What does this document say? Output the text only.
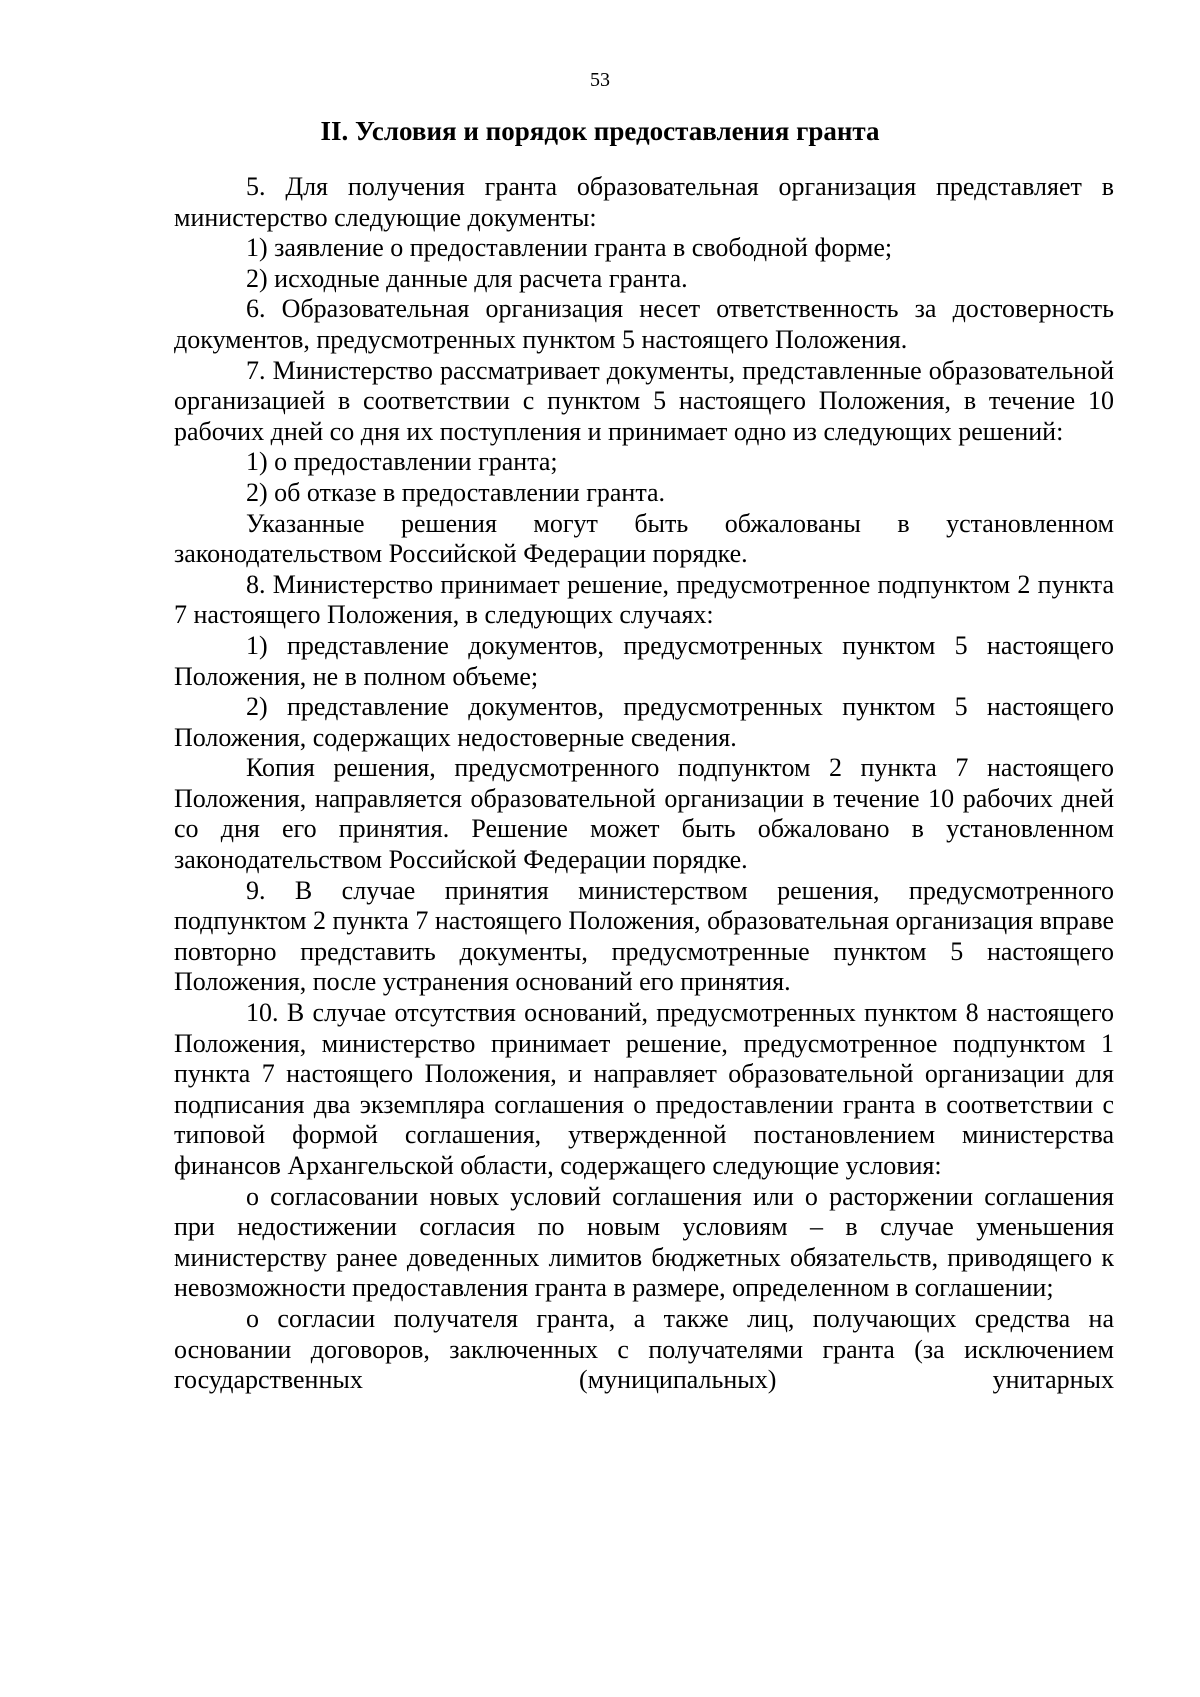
53
II. Условия и порядок предоставления гранта

5. Для получения гранта образовательная организация представляет в министерство следующие документы:

1) заявление о предоставлении гранта в свободной форме;

2) исходные данные для расчета гранта.

6. Образовательная организация несет ответственность за достоверность документов, предусмотренных пунктом 5 настоящего Положения.

7. Министерство рассматривает документы, представленные образовательной организацией в соответствии с пунктом 5 настоящего Положения, в течение 10 рабочих дней со дня их поступления и принимает одно из следующих решений:

1) о предоставлении гранта;

2) об отказе в предоставлении гранта.

Указанные решения могут быть обжалованы в установленном законодательством Российской Федерации порядке.

8. Министерство принимает решение, предусмотренное подпунктом 2 пункта 7 настоящего Положения, в следующих случаях:

1) представление документов, предусмотренных пунктом 5 настоящего Положения, не в полном объеме;

2) представление документов, предусмотренных пунктом 5 настоящего Положения, содержащих недостоверные сведения.

Копия решения, предусмотренного подпунктом 2 пункта 7 настоящего Положения, направляется образовательной организации в течение 10 рабочих дней со дня его принятия. Решение может быть обжаловано в установленном законодательством Российской Федерации порядке.

9. В случае принятия министерством решения, предусмотренного подпунктом 2 пункта 7 настоящего Положения, образовательная организация вправе повторно представить документы, предусмотренные пунктом 5 настоящего Положения, после устранения оснований его принятия.

10. В случае отсутствия оснований, предусмотренных пунктом 8 настоящего Положения, министерство принимает решение, предусмотренное подпунктом 1 пункта 7 настоящего Положения, и направляет образовательной организации для подписания два экземпляра соглашения о предоставлении гранта в соответствии с типовой формой соглашения, утвержденной постановлением министерства финансов Архангельской области, содержащего следующие условия:

о согласовании новых условий соглашения или о расторжении соглашения при недостижении согласия по новым условиям – в случае уменьшения министерству ранее доведенных лимитов бюджетных обязательств, приводящего к невозможности предоставления гранта в размере, определенном в соглашении;

о согласии получателя гранта, а также лиц, получающих средства на основании договоров, заключенных с получателями гранта (за исключением государственных (муниципальных) унитарных
